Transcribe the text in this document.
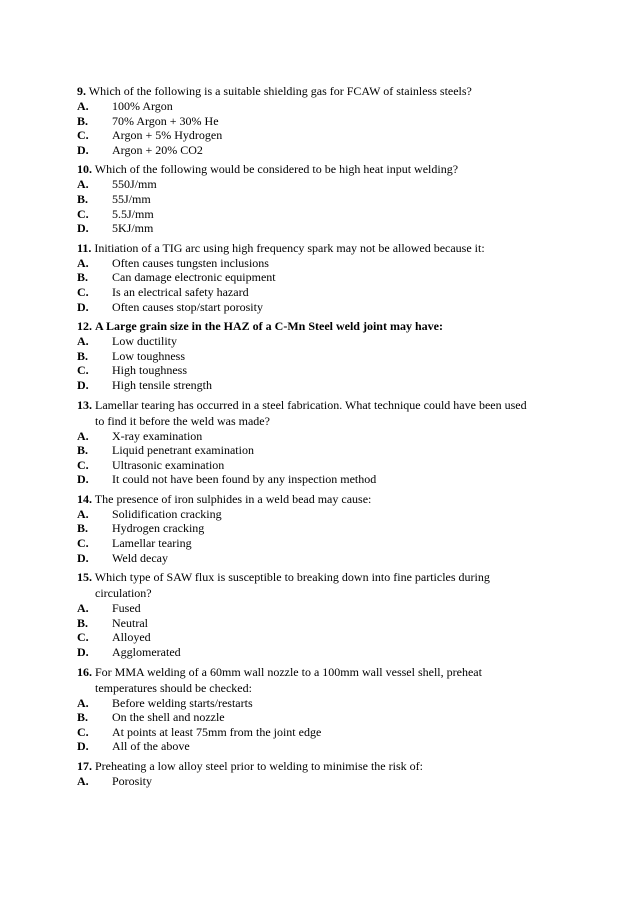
9. Which of the following is a suitable shielding gas for FCAW of stainless steels?
A. 100% Argon
B. 70% Argon + 30% He
C. Argon + 5% Hydrogen
D. Argon + 20% CO2
10. Which of the following would be considered to be high heat input welding?
A. 550J/mm
B. 55J/mm
C. 5.5J/mm
D. 5KJ/mm
11. Initiation of a TIG arc using high frequency spark may not be allowed because it:
A. Often causes tungsten inclusions
B. Can damage electronic equipment
C. Is an electrical safety hazard
D. Often causes stop/start porosity
12. A Large grain size in the HAZ of a C-Mn Steel weld joint may have:
A. Low ductility
B. Low toughness
C. High toughness
D. High tensile strength
13. Lamellar tearing has occurred in a steel fabrication. What technique could have been used
to find it before the weld was made?
A. X-ray examination
B. Liquid penetrant examination
C. Ultrasonic examination
D. It could not have been found by any inspection method
14. The presence of iron sulphides in a weld bead may cause:
A. Solidification cracking
B. Hydrogen cracking
C. Lamellar tearing
D. Weld decay
15. Which type of SAW flux is susceptible to breaking down into fine particles during
circulation?
A. Fused
B. Neutral
C. Alloyed
D. Agglomerated
16. For MMA welding of a 60mm wall nozzle to a 100mm wall vessel shell, preheat
temperatures should be checked:
A. Before welding starts/restarts
B. On the shell and nozzle
C. At points at least 75mm from the joint edge
D. All of the above
17. Preheating a low alloy steel prior to welding to minimise the risk of:
A. Porosity
